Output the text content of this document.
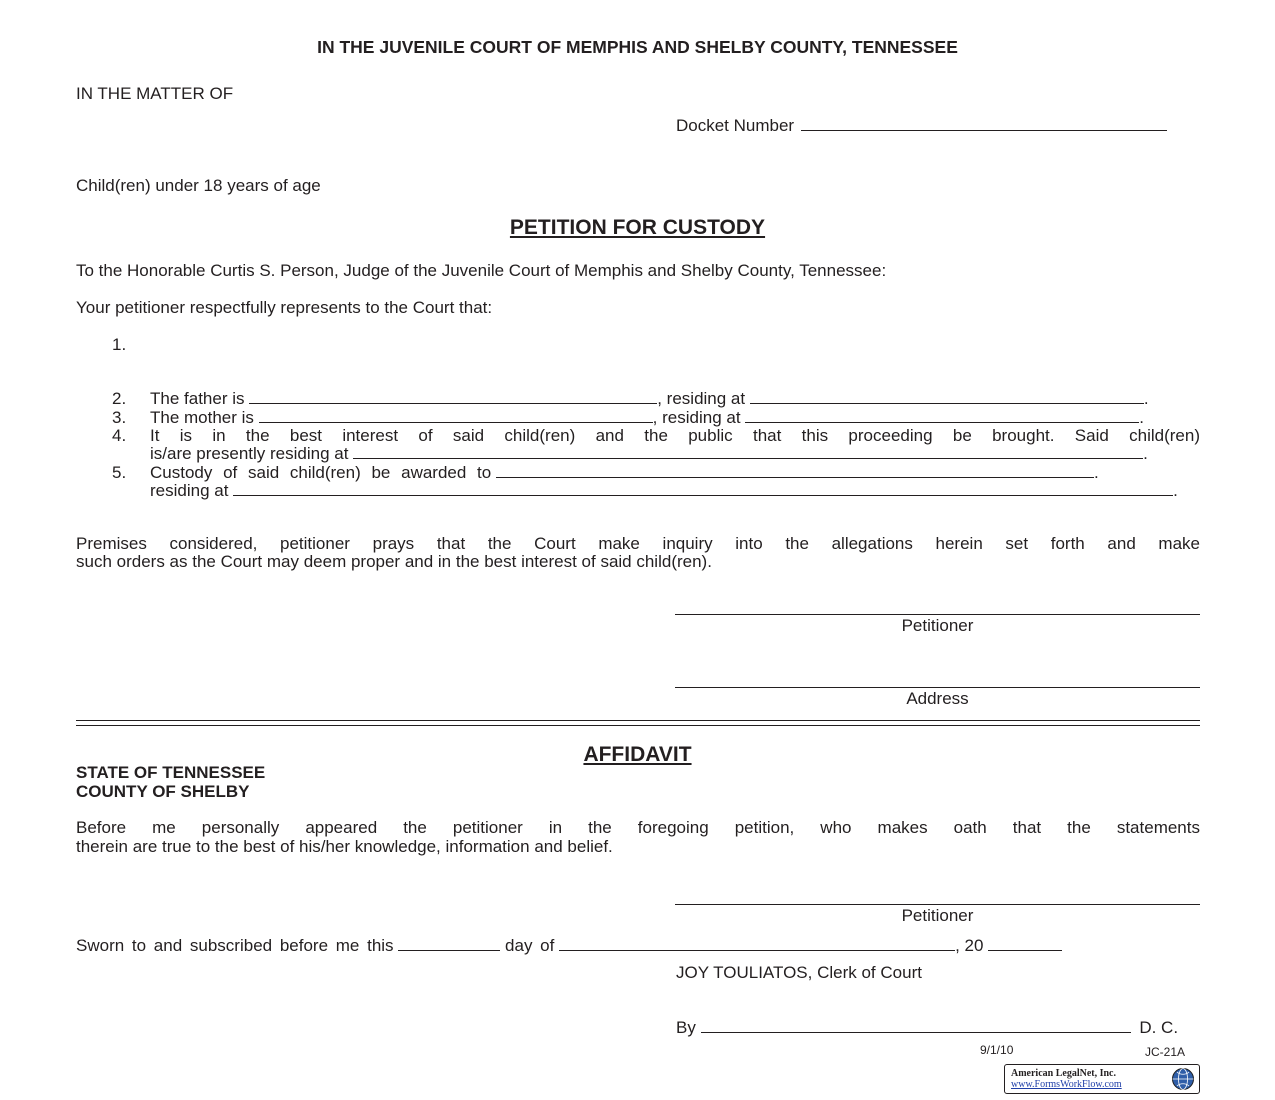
IN THE JUVENILE COURT OF MEMPHIS AND SHELBY COUNTY, TENNESSEE
IN THE MATTER OF
Docket Number
Child(ren) under 18 years of age
PETITION FOR CUSTODY
To the Honorable Curtis S. Person, Judge of the Juvenile Court of Memphis and Shelby County, Tennessee:
Your petitioner respectfully represents to the Court that:
1.
2. The father is	, residing at	.
3. The mother is	, residing at	.
4. It is in the best interest of said child(ren) and the public that this proceeding be brought. Said child(ren)
is/are presently residing at	.
5. Custody of said child(ren) be awarded to	.
residing at	.
Premises considered, petitioner prays that the Court make inquiry into the allegations herein set forth and make
such orders as the Court may deem proper and in the best interest of said child(ren).
Petitioner
Address
AFFIDAVIT
STATE OF TENNESSEE
COUNTY OF SHELBY
Before me personally appeared the petitioner in the foregoing petition, who makes oath that the statements
therein are true to the best of his/her knowledge, information and belief.
Petitioner
Sworn to and subscribed before me this	day of	, 20
JOY TOULIATOS, Clerk of Court
By	D. C.
9/1/10	JC-21A
American LegalNet, Inc.
www.FormsWorkFlow.com
